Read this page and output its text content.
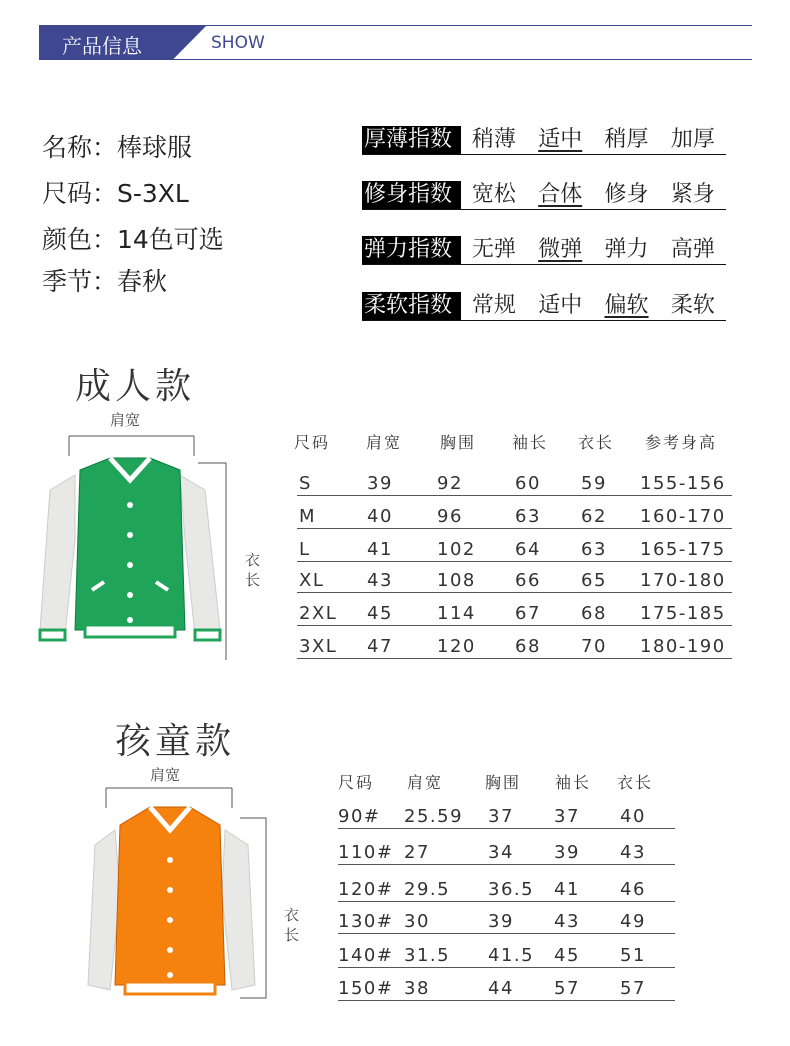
产品信息	SHOW
名称：棒球服
尺码：S-3XL
颜色：14色可选
季节：春秋
厚薄指数 稍薄	适中	稍厚	加厚
修身指数 宽松	合体	修身	紧身
弹力指数 无弹	微弹	弹力	高弹
柔软指数 常规	适中	偏软	柔软
成人款
肩宽
衣长
尺码 肩宽 胸围 袖长 衣长 参考身高
S	39 92	60 59 155-156
M	40 96	63 62 160-170
L	41 102 64 63 165-175
XL 43 108 66 65 170-180
2XL 45 114 67 68 175-185
3XL 47 120 68 70 180-190
孩童款
肩宽
衣长
尺码 肩宽	胸围 袖长 衣长
90# 25.59 37 37 40
110# 27	34 39 43
120# 29.5 36.5 41 46
130# 30	39 43 49
140# 31.5 41.5 45 51
150# 38	44 57 57
